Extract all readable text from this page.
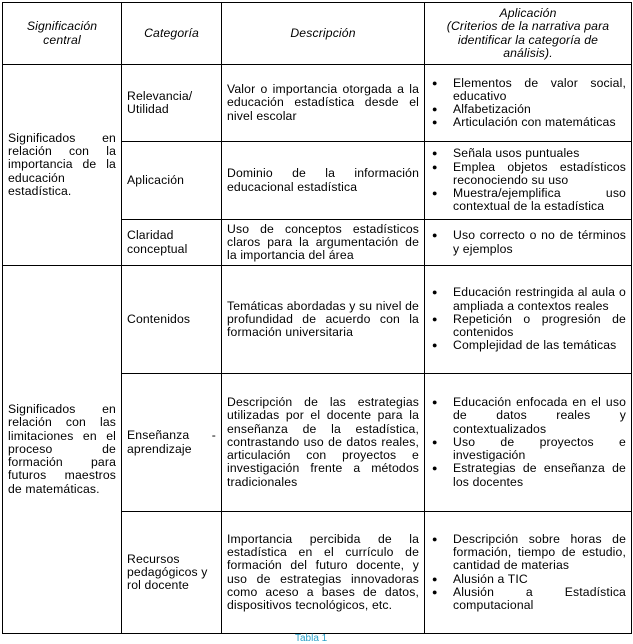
Significación central	Categoría	Descripción	Aplicación
(Criterios de la narrativa para identificar la categoría de análisis).

Significados en relación con la importancia de la educación estadística.	Relevancia/ Utilidad	Valor o importancia otorgada a la educación estadística desde el nivel escolar	
● Elementos de valor social, educativo
● Alfabetización
● Articulación con matemáticas

Aplicación	Dominio de la información educacional estadística	
● Señala usos puntuales
● Emplea objetos estadísticos reconociendo su uso
● Muestra/ejemplifica uso contextual de la estadística

Claridad conceptual	Uso de conceptos estadísticos claros para la argumentación de la importancia del área	
● Uso correcto o no de términos y ejemplos

Significados en relación con las limitaciones en el proceso de formación para futuros maestros de matemáticas.	Contenidos	Temáticas abordadas y su nivel de profundidad de acuerdo con la formación universitaria	
● Educación restringida al aula o ampliada a contextos reales
● Repetición o progresión de contenidos
● Complejidad de las temáticas

Enseñanza - aprendizaje	Descripción de las estrategias utilizadas por el docente para la enseñanza de la estadística, contrastando uso de datos reales, articulación con proyectos e investigación frente a métodos tradicionales	
● Educación enfocada en el uso de datos reales y contextualizados
● Uso de proyectos e investigación
● Estrategias de enseñanza de los docentes

Recursos pedagógicos y rol docente	Importancia percibida de la estadística en el currículo de formación del futuro docente, y uso de estrategias innovadoras como aceso a bases de datos, dispositivos tecnológicos, etc.	
● Descripción sobre horas de formación, tiempo de estudio, cantidad de materias
● Alusión a TIC
● Alusión a Estadística computacional
Tabla 1
